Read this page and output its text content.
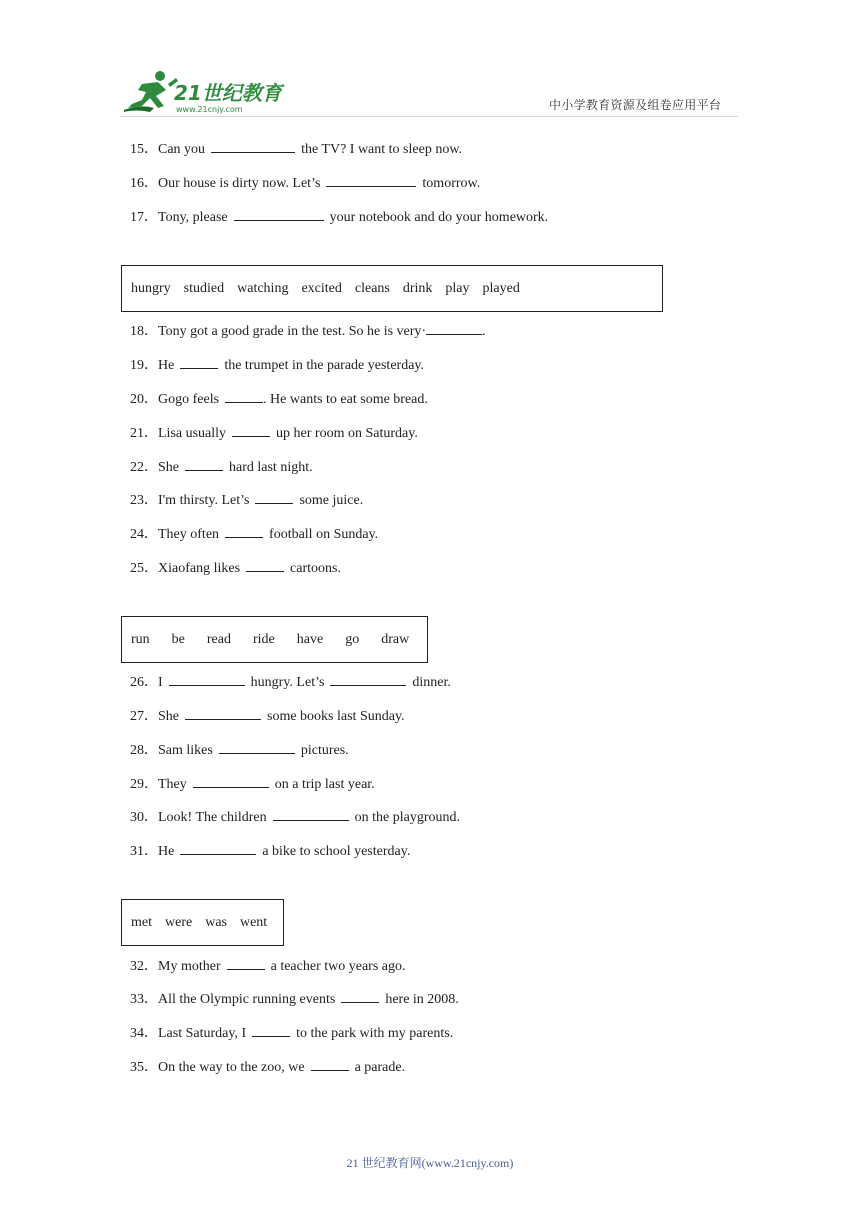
21世纪教育
www.21cnjy.com	中小学教育资源及组卷应用平台
15．Can you	the TV? I want to sleep now.
16．Our house is dirty now. Let’s	tomorrow.
17．Tony, please	your notebook and do your homework.
hungry studied watching excited cleans drink play played
18．Tony got a good grade in the test. So he is very·	.
19．He	the trumpet in the parade yesterday.
20．Gogo feels	. He wants to eat some bread.
21．Lisa usually	up her room on Saturday.
22．She	hard last night.
23．I'm thirsty. Let’s	some juice.
24．They often	football on Sunday.
25．Xiaofang likes	cartoons.
run be read ride have go draw
26．I	hungry. Let’s	dinner.
27．She	some books last Sunday.
28．Sam likes	pictures.
29．They	on a trip last year.
30．Look! The children	on the playground.
31．He	a bike to school yesterday.
met were was went
32．My mother	a teacher two years ago.
33．All the Olympic running events	here in 2008.
34．Last Saturday, I	to the park with my parents.
35．On the way to the zoo, we	a parade.
21 世纪教育网(www.21cnjy.com)
